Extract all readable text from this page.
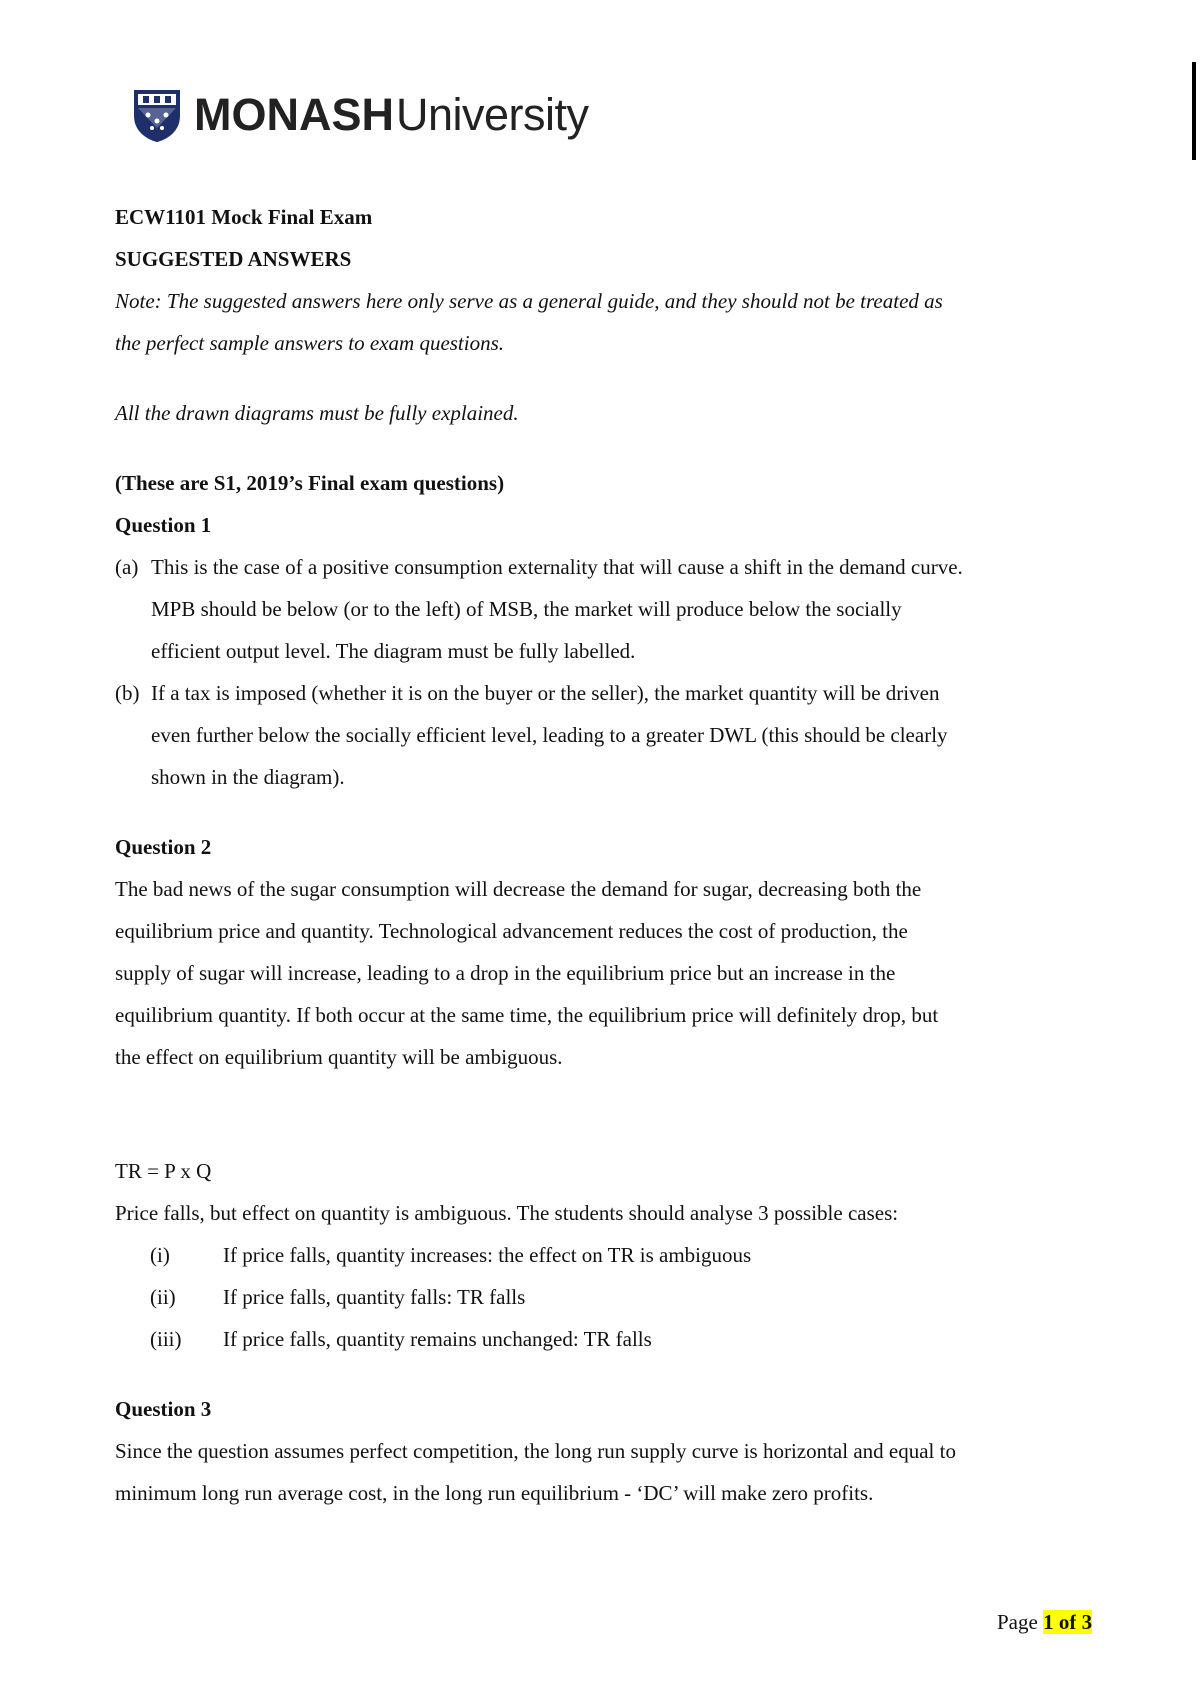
MONASH University
ECW1101 Mock Final Exam
SUGGESTED ANSWERS
Note: The suggested answers here only serve as a general guide, and they should not be treated as
the perfect sample answers to exam questions.
All the drawn diagrams must be fully explained.
(These are S1, 2019’s Final exam questions)
Question 1
(a) This is the case of a positive consumption externality that will cause a shift in the demand curve.
MPB should be below (or to the left) of MSB, the market will produce below the socially
efficient output level. The diagram must be fully labelled.
(b) If a tax is imposed (whether it is on the buyer or the seller), the market quantity will be driven
even further below the socially efficient level, leading to a greater DWL (this should be clearly
shown in the diagram).
Question 2
The bad news of the sugar consumption will decrease the demand for sugar, decreasing both the
equilibrium price and quantity. Technological advancement reduces the cost of production, the
supply of sugar will increase, leading to a drop in the equilibrium price but an increase in the
equilibrium quantity. If both occur at the same time, the equilibrium price will definitely drop, but
the effect on equilibrium quantity will be ambiguous.
TR = P x Q
Price falls, but effect on quantity is ambiguous. The students should analyse 3 possible cases:
(i)	If price falls, quantity increases: the effect on TR is ambiguous
(ii)	If price falls, quantity falls: TR falls
(iii)	If price falls, quantity remains unchanged: TR falls
Question 3
Since the question assumes perfect competition, the long run supply curve is horizontal and equal to
minimum long run average cost, in the long run equilibrium - ‘DC’ will make zero profits.
Page 1 of 3
